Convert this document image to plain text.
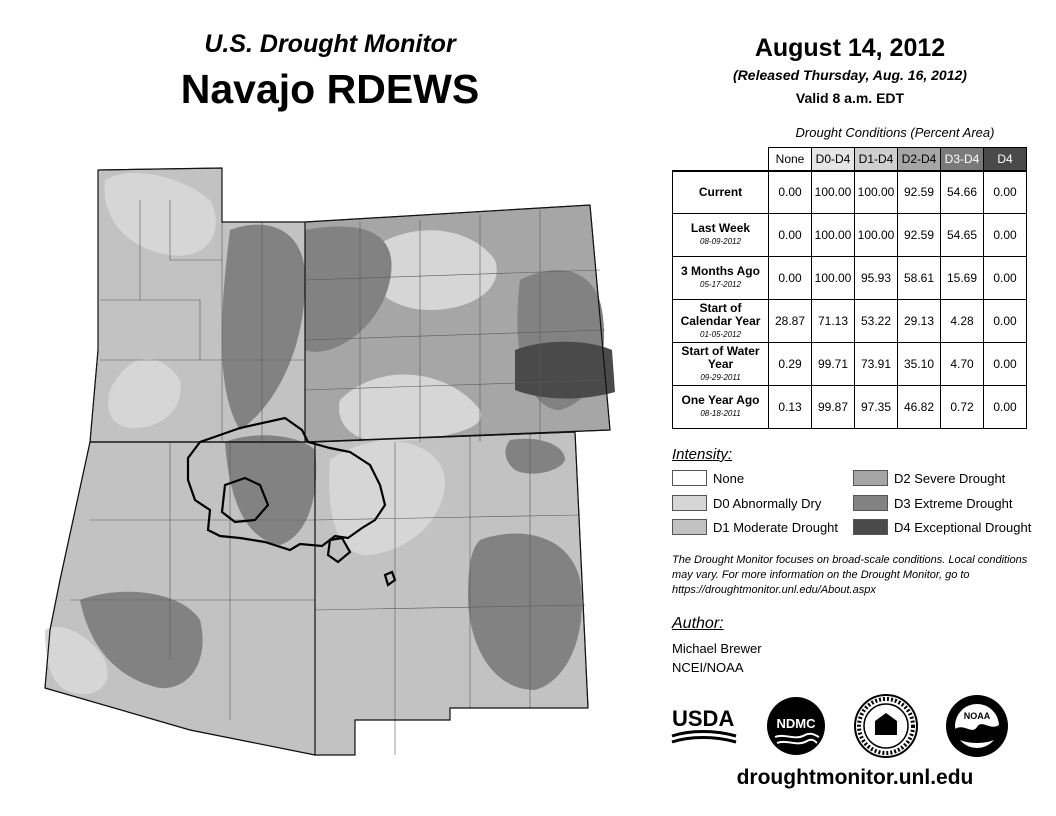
U.S. Drought Monitor
Navajo RDEWS
August 14, 2012
(Released Thursday, Aug. 16, 2012)
Valid 8 a.m. EDT
Drought Conditions (Percent Area)
	None	D0-D4	D1-D4	D2-D4	D3-D4	D4
Current	0.00	100.00	100.00	92.59	54.66	0.00
Last Week
08-09-2012	0.00	100.00	100.00	92.59	54.65	0.00
3 Months Ago
05-17-2012	0.00	100.00	95.93	58.61	15.69	0.00
Start of Calendar Year
01-05-2012	28.87	71.13	53.22	29.13	4.28	0.00
Start of Water Year
09-29-2011	0.29	99.71	73.91	35.10	4.70	0.00
One Year Ago
08-18-2011	0.13	99.87	97.35	46.82	0.72	0.00
Intensity:
None
D0 Abnormally Dry
D1 Moderate Drought
D2 Severe Drought
D3 Extreme Drought
D4 Exceptional Drought
The Drought Monitor focuses on broad-scale conditions. Local conditions may vary. For more information on the Drought Monitor, go to https://droughtmonitor.unl.edu/About.aspx
Author:
Michael Brewer
NCEI/NOAA
USDA	NDMC	NOAA
droughtmonitor.unl.edu
